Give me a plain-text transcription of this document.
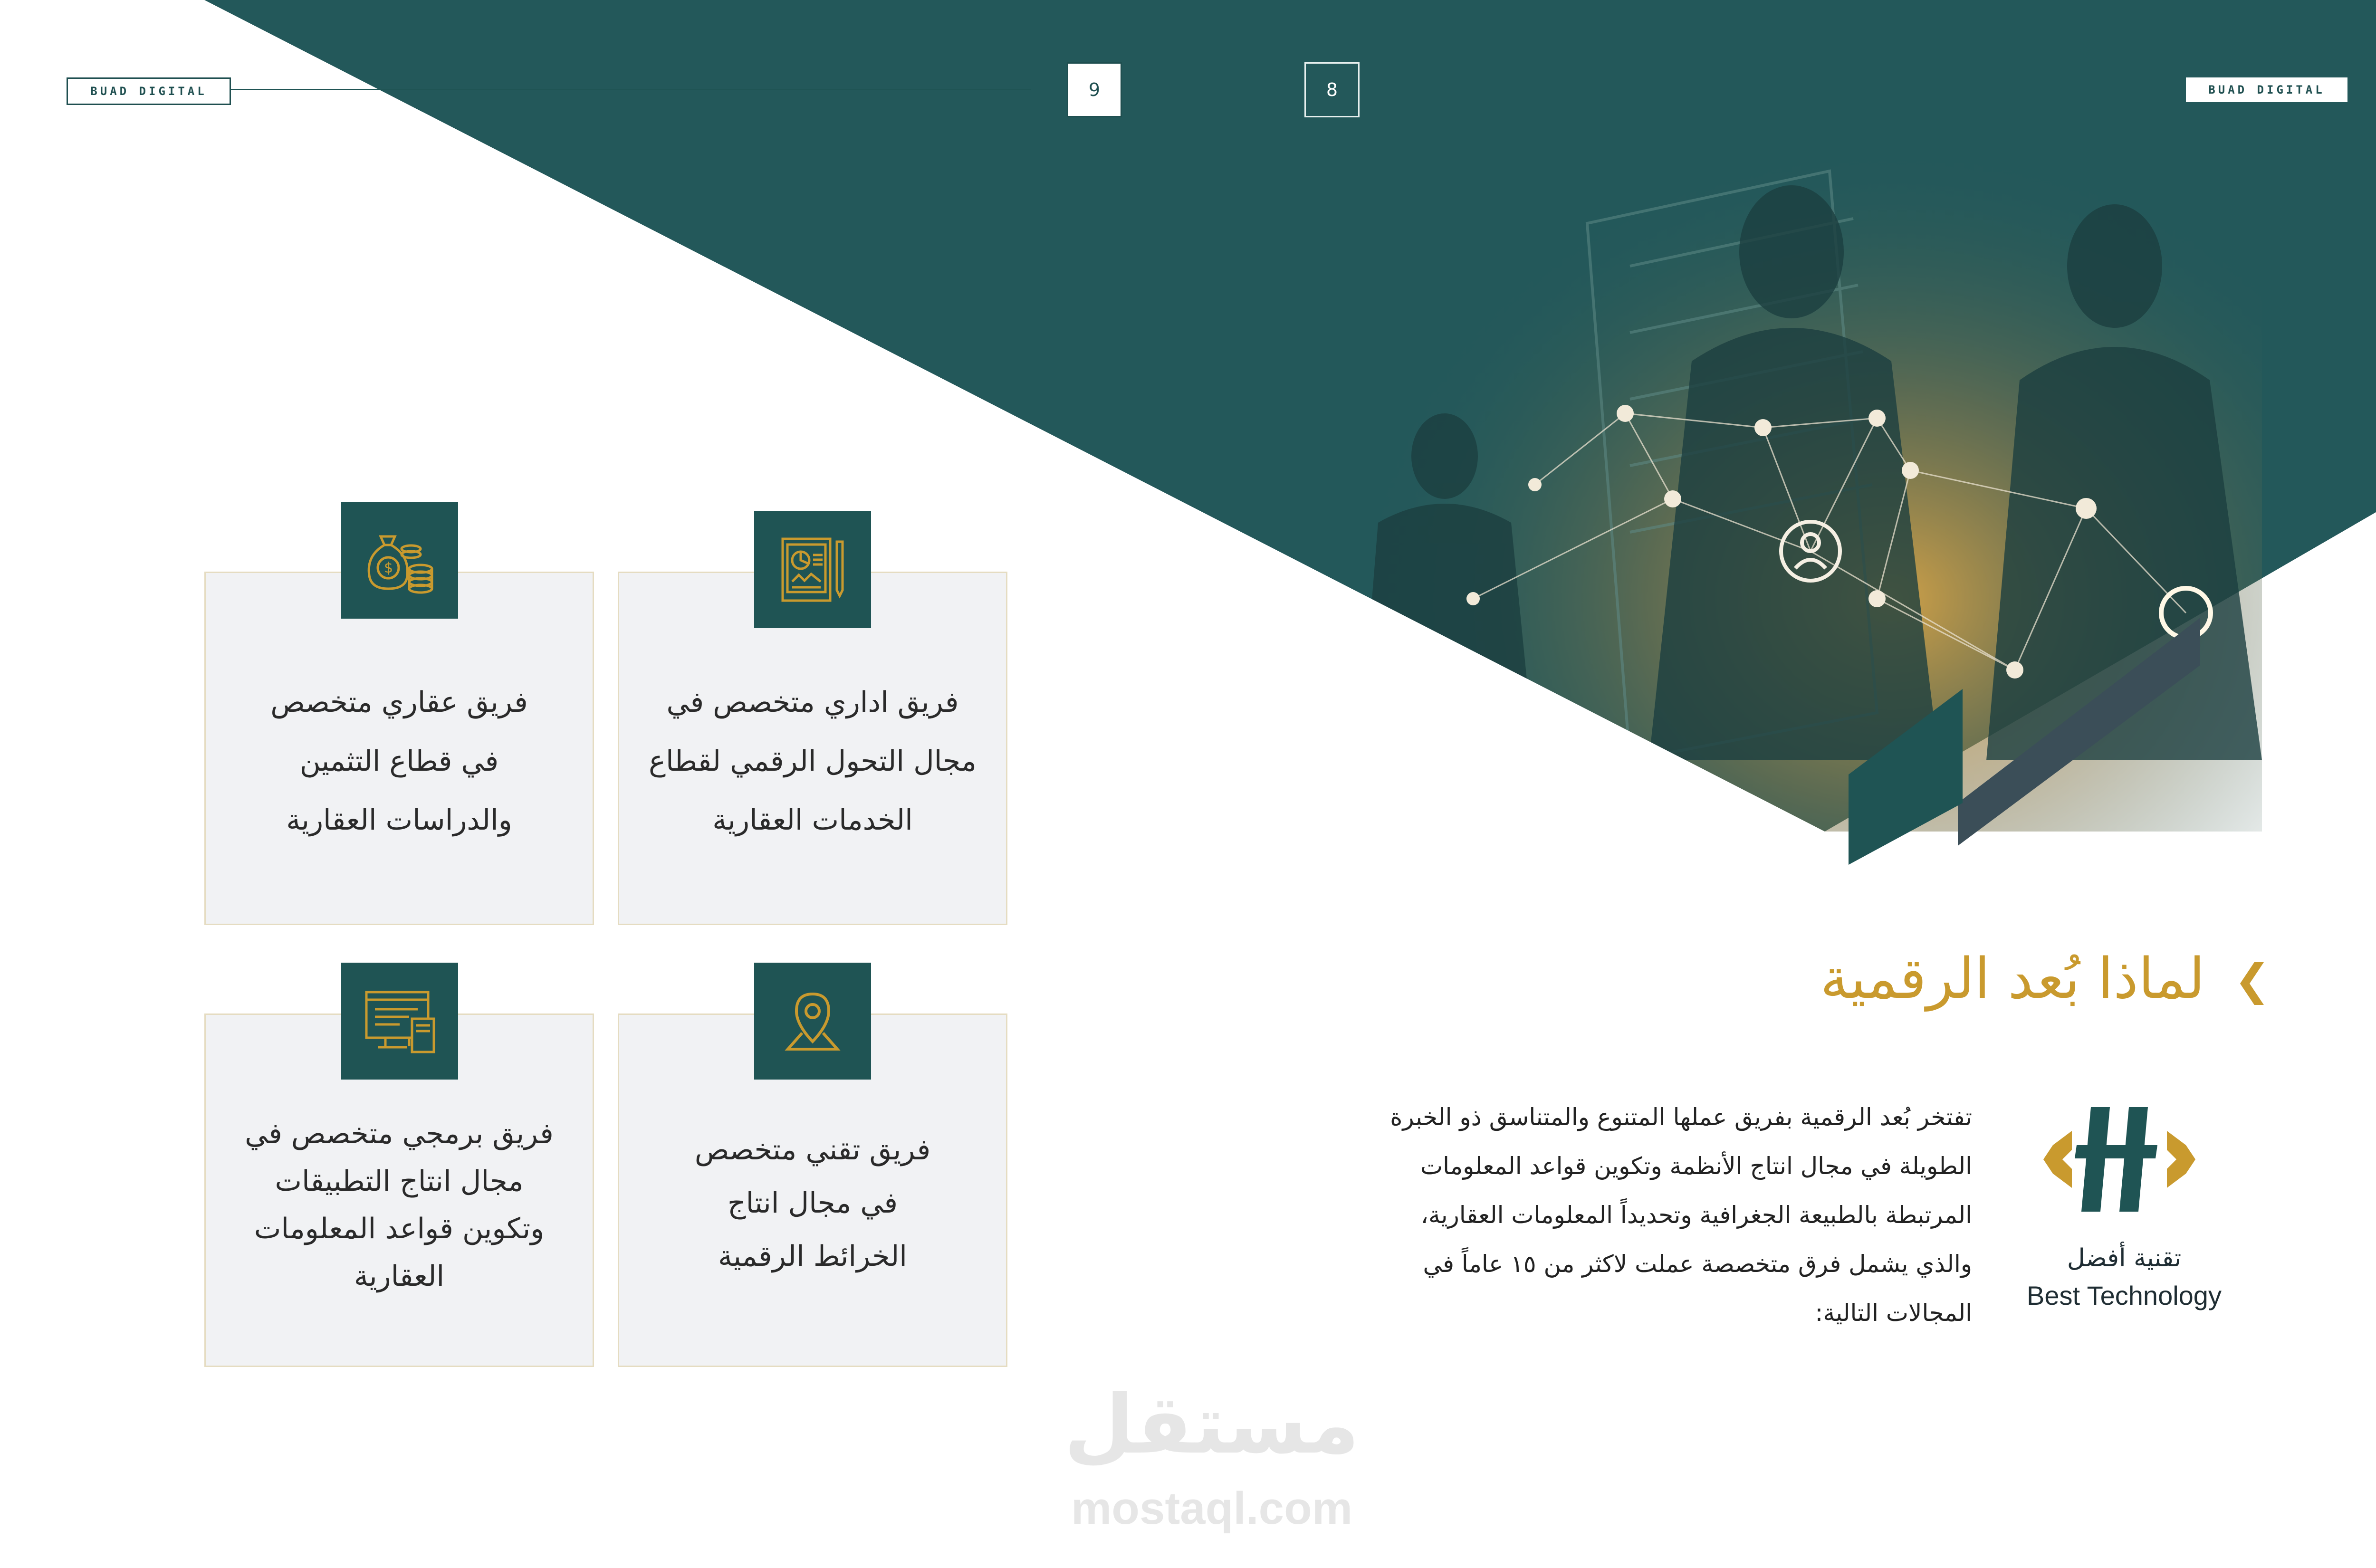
BUAD DIGITAL	BUAD DIGITAL
9	8
فريق اداري متخصص في
مجال التحول الرقمي لقطاع
الخدمات العقارية
فريق عقاري متخصص
في قطاع التثمين
والدراسات العقارية
$
فريق تقني متخصص
في مجال انتاج
الخرائط الرقمية
فريق برمجي متخصص في
مجال انتاج التطبيقات
وتكوين قواعد المعلومات
العقارية
لماذا بُعد الرقمية
تفتخر بُعد الرقمية بفريق عملها المتنوع والمتناسق ذو الخبرة
الطويلة في مجال انتاج الأنظمة وتكوين قواعد المعلومات
المرتبطة بالطبيعة الجغرافية وتحديداً المعلومات العقارية،
والذي يشمل فرق متخصصة عملت لاكثر من ١٥ عاماً في
المجالات التالية:
تقنية أفضل
Best Technology
مستقل
mostaql.com
